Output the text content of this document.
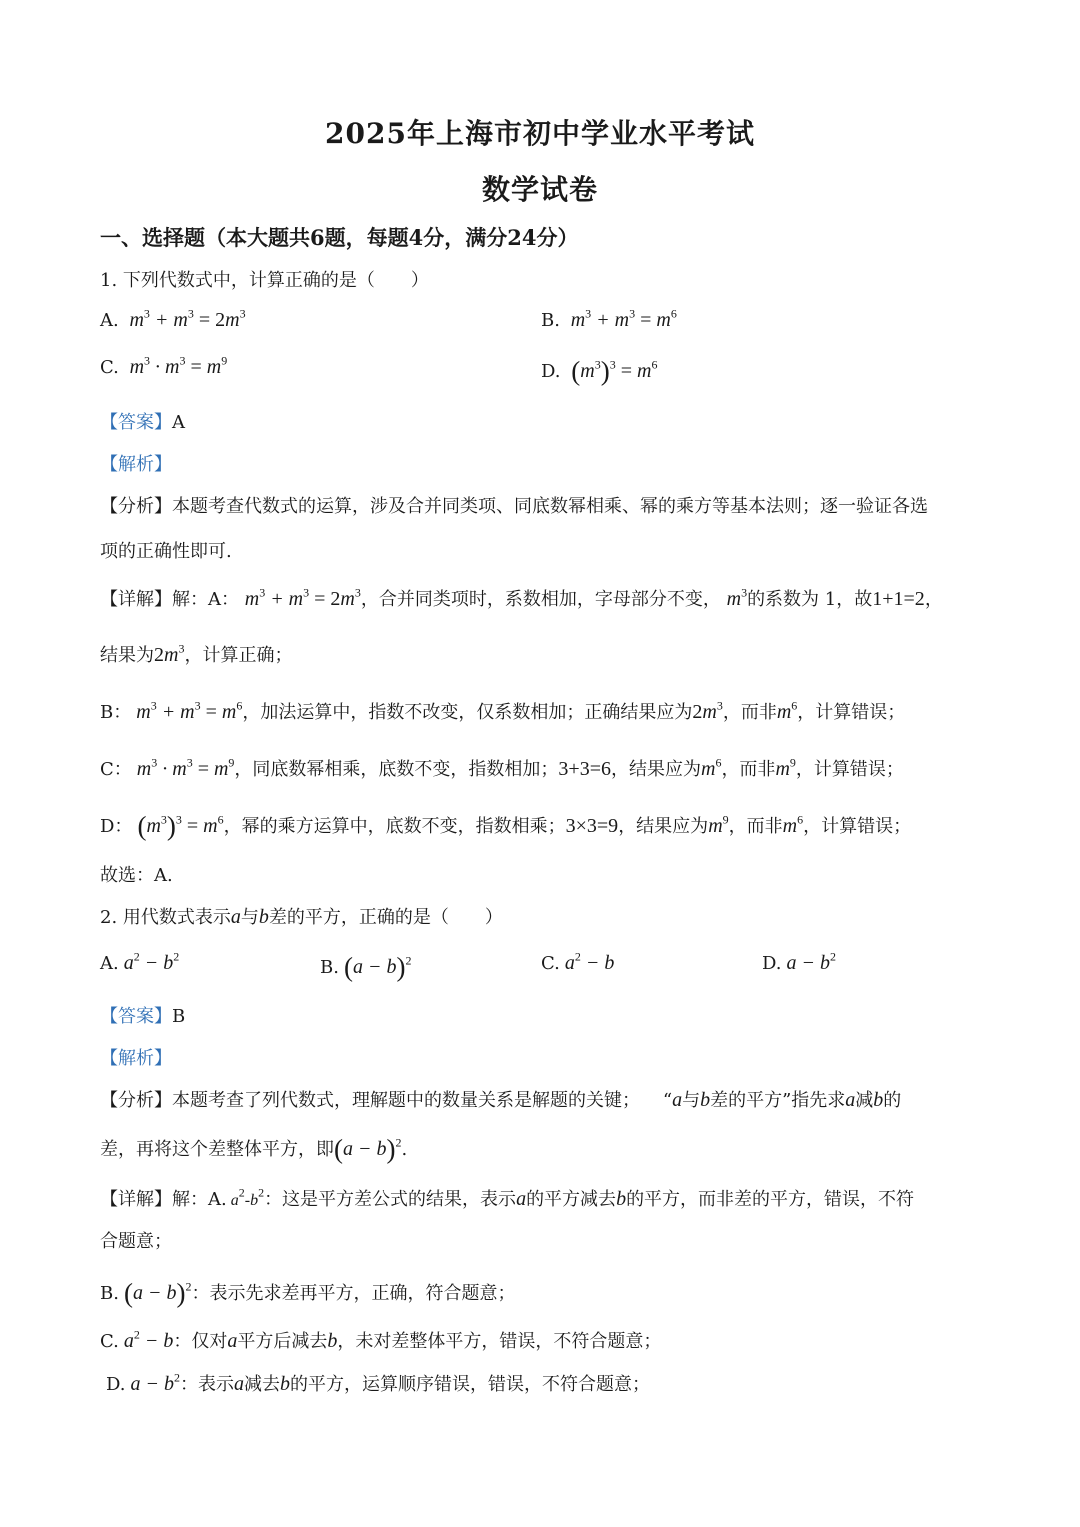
2025年上海市初中学业水平考试
数学试卷
一、选择题（本大题共6题，每题4分，满分24分）
1. 下列代数式中，计算正确的是（　　）
A.  $m^3 + m^3 = 2m^3$	B.  $m^3 + m^3 = m^6$
C.  $m^3 \cdot m^3 = m^9$
D. $(m^3)^3 = m^6$
【答案】A
【解析】
【分析】本题考查代数式的运算，涉及合并同类项、同底数幂相乘、幂的乘方等基本法则；逐一验证各选
项的正确性即可.
【详解】解：A： $m^3 + m^3 = 2m^3$，合并同类项时，系数相加，字母部分不变， $m^3$的系数为 1，故1+1=2，
结果为$2m^3$，计算正确；
B： $m^3 + m^3 = m^6$，加法运算中，指数不改变，仅系数相加；正确结果应为$2m^3$，而非$m^6$，计算错误；
C： $m^3 \cdot m^3 = m^9$，同底数幂相乘，底数不变，指数相加；3+3=6，结果应为$m^6$，而非$m^9$，计算错误；
D： $(m^3)^3 = m^6$，幂的乘方运算中，底数不变，指数相乘；3×3=9，结果应为$m^9$，而非$m^6$，计算错误；
故选：A.
2. 用代数式表示a与b差的平方，正确的是（　　）
A. $a^2 - b^2$
B. $(a - b)^2$	C. $a^2 - b$	D. $a - b^2$
【答案】B
【解析】
【分析】本题考查了列代数式，理解题中的数量关系是解题的关键； “a与b差的平方”指先求a减b的
差，再将这个差整体平方，即$(a - b)^2$.
【详解】解：A. $a^2-b^2$：这是平方差公式的结果，表示a的平方减去b的平方，而非差的平方，错误，不符
合题意；
B. $(a - b)^2$：表示先求差再平方，正确，符合题意；
C. $a^2 - b$：仅对a平方后减去b，未对差整体平方，错误，不符合题意；
D. $a - b^2$：表示a减去b的平方，运算顺序错误，错误，不符合题意；
